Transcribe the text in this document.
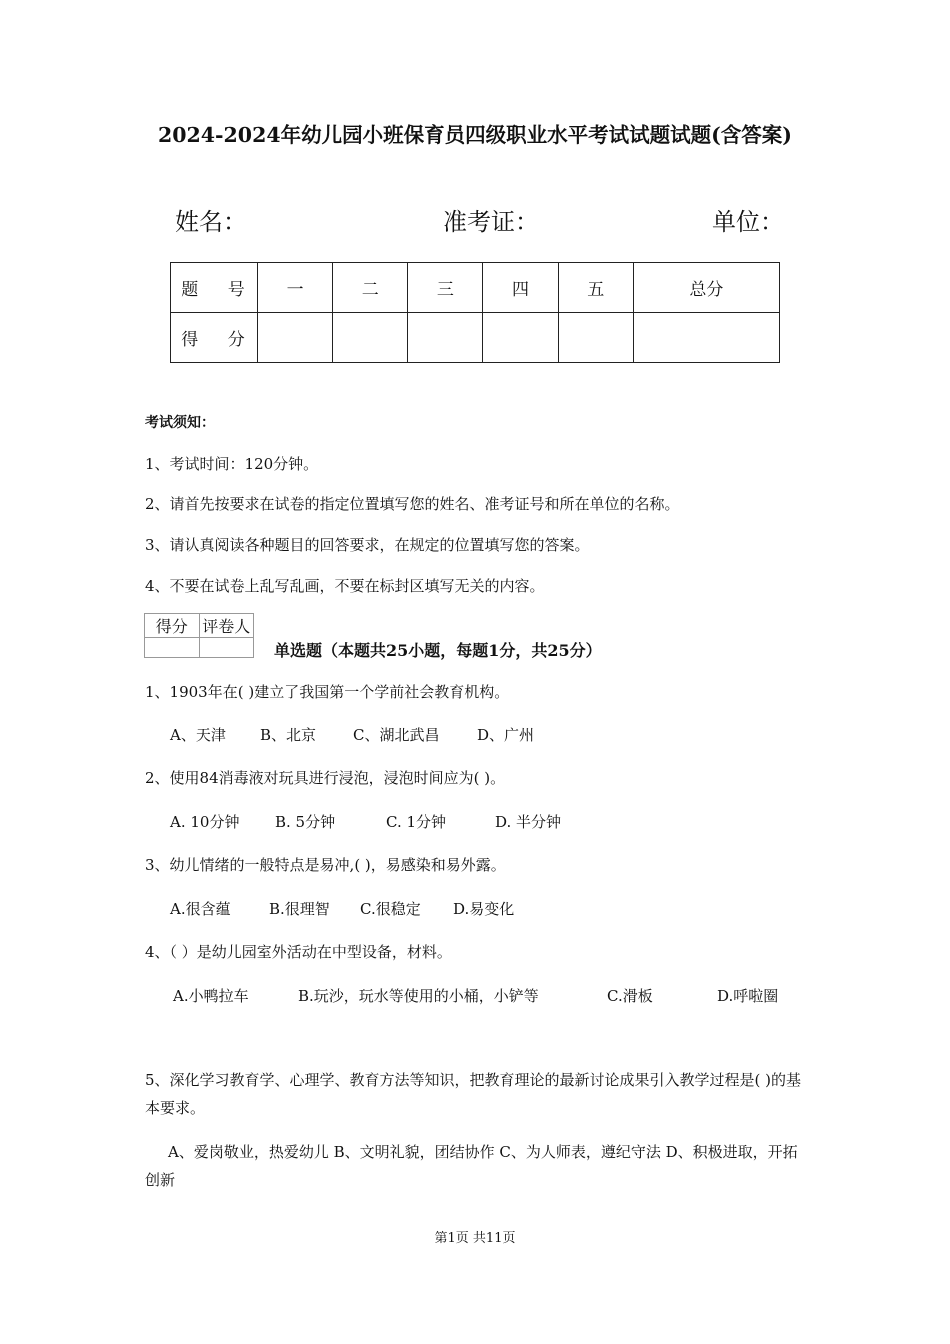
2024-2024年幼儿园小班保育员四级职业水平考试试题试题(含答案)
姓名：	准考证：	单位：
题 号	一	二	三	四	五	总分
得 分						
考试须知：
1、考试时间：120分钟。
2、请首先按要求在试卷的指定位置填写您的姓名、准考证号和所在单位的名称。
3、请认真阅读各种题目的回答要求，在规定的位置填写您的答案。
4、不要在试卷上乱写乱画，不要在标封区填写无关的内容。
得分	评卷人

单选题（本题共25小题，每题1分，共25分）
1、1903年在( )建立了我国第一个学前社会教育机构。
A、天津 B、北京 C、湖北武昌	D、广州
2、使用84消毒液对玩具进行浸泡，浸泡时间应为( )。
A. 10分钟 B. 5分钟	C. 1分钟	D. 半分钟
3、幼儿情绪的一般特点是易冲,( )，易感染和易外露。
A.很含蕴	B.很理智 C.很稳定 D.易变化
4、（ ）是幼儿园室外活动在中型设备，材料。
A.小鸭拉车	B.玩沙，玩水等使用的小桶，小铲等	C.滑板	D.呼啦圈
5、深化学习教育学、心理学、教育方法等知识，把教育理论的最新讨论成果引入教学过程是( )的基本要求。
A、爱岗敬业，热爱幼儿 B、文明礼貌，团结协作 C、为人师表，遵纪守法 D、积极进取，开拓创新
第1页 共11页
